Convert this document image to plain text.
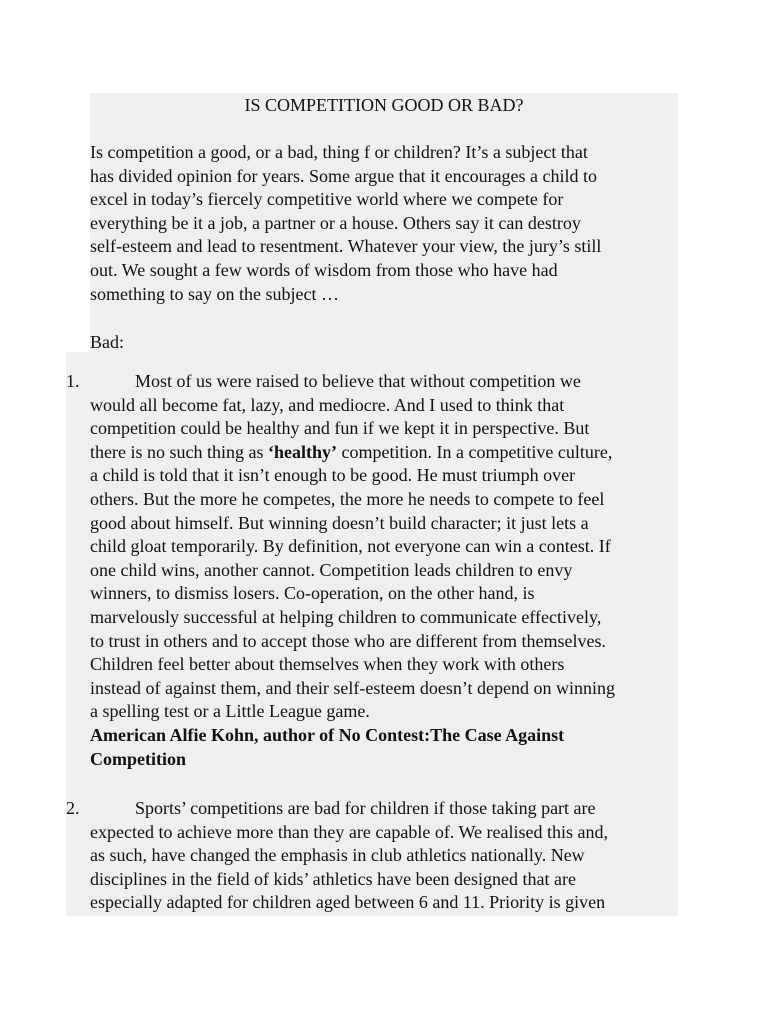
IS COMPETITION GOOD OR BAD?
Is competition a good, or a bad, thing f or children? It’s a subject that
has divided opinion for years. Some argue that it encourages a child to
excel in today’s fiercely competitive world where we compete for
everything be it a job, a partner or a house. Others say it can destroy
self-esteem and lead to resentment. Whatever your view, the jury’s still
out. We sought a few words of wisdom from those who have had
something to say on the subject …
Bad:
1.	Most of us were raised to believe that without competition we
would all become fat, lazy, and mediocre. And I used to think that
competition could be healthy and fun if we kept it in perspective. But
there is no such thing as ‘healthy’ competition. In a competitive culture,
a child is told that it isn’t enough to be good. He must triumph over
others. But the more he competes, the more he needs to compete to feel
good about himself. But winning doesn’t build character; it just lets a
child gloat temporarily. By definition, not everyone can win a contest. If
one child wins, another cannot. Competition leads children to envy
winners, to dismiss losers. Co-operation, on the other hand, is
marvelously successful at helping children to communicate effectively,
to trust in others and to accept those who are different from themselves.
Children feel better about themselves when they work with others
instead of against them, and their self-esteem doesn’t depend on winning
a spelling test or a Little League game.
American Alfie Kohn, author of No Contest:The Case Against
Competition
2.	Sports’ competitions are bad for children if those taking part are
expected to achieve more than they are capable of. We realised this and,
as such, have changed the emphasis in club athletics nationally. New
disciplines in the field of kids’ athletics have been designed that are
especially adapted for children aged between 6 and 11. Priority is given
